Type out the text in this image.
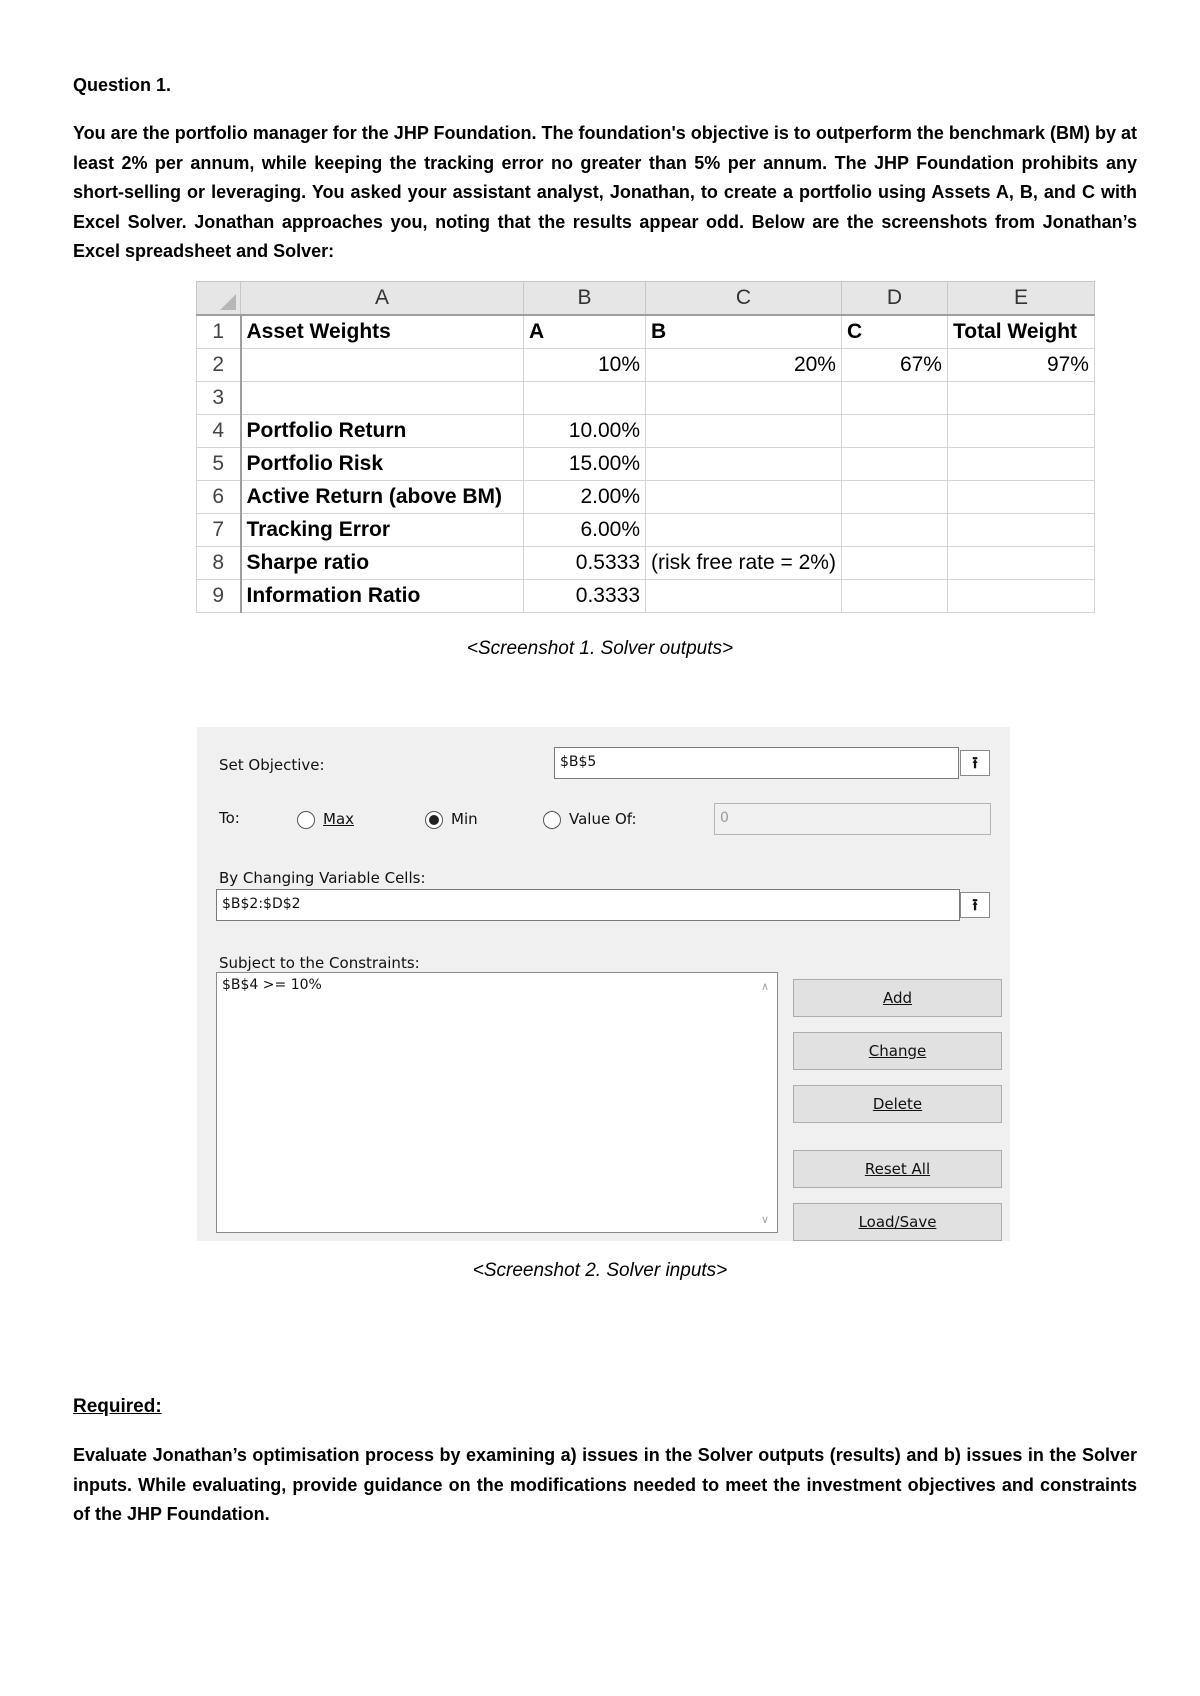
Question 1.
You are the portfolio manager for the JHP Foundation. The foundation's objective is to outperform the benchmark (BM) by at least 2% per annum, while keeping the tracking error no greater than 5% per annum. The JHP Foundation prohibits any short-selling or leveraging. You asked your assistant analyst, Jonathan, to create a portfolio using Assets A, B, and C with Excel Solver. Jonathan approaches you, noting that the results appear odd. Below are the screenshots from Jonathan’s Excel spreadsheet and Solver:
	A	B	C	D	E
1	Asset Weights	A	B	C	Total Weight
2		10%	20%	67%	97%
3					
4	Portfolio Return	10.00%			
5	Portfolio Risk	15.00%			
6	Active Return (above BM)	2.00%			
7	Tracking Error	6.00%			
8	Sharpe ratio	0.5333	(risk free rate = 2%)		
9	Information Ratio	0.3333			
<Screenshot 1. Solver outputs>
Set Objective:	$B$5	⭱
To:	Max	Min	Value Of:	0
By Changing Variable Cells:
$B$2:$D$2	⭱
Subject to the Constraints:
$B$4 >= 10%	∧
∨
Add
Change
Delete
Reset All
Load/Save
<Screenshot 2. Solver inputs>
Required:
Evaluate Jonathan’s optimisation process by examining a) issues in the Solver outputs (results) and b) issues in the Solver inputs. While evaluating, provide guidance on the modifications needed to meet the investment objectives and constraints of the JHP Foundation.
